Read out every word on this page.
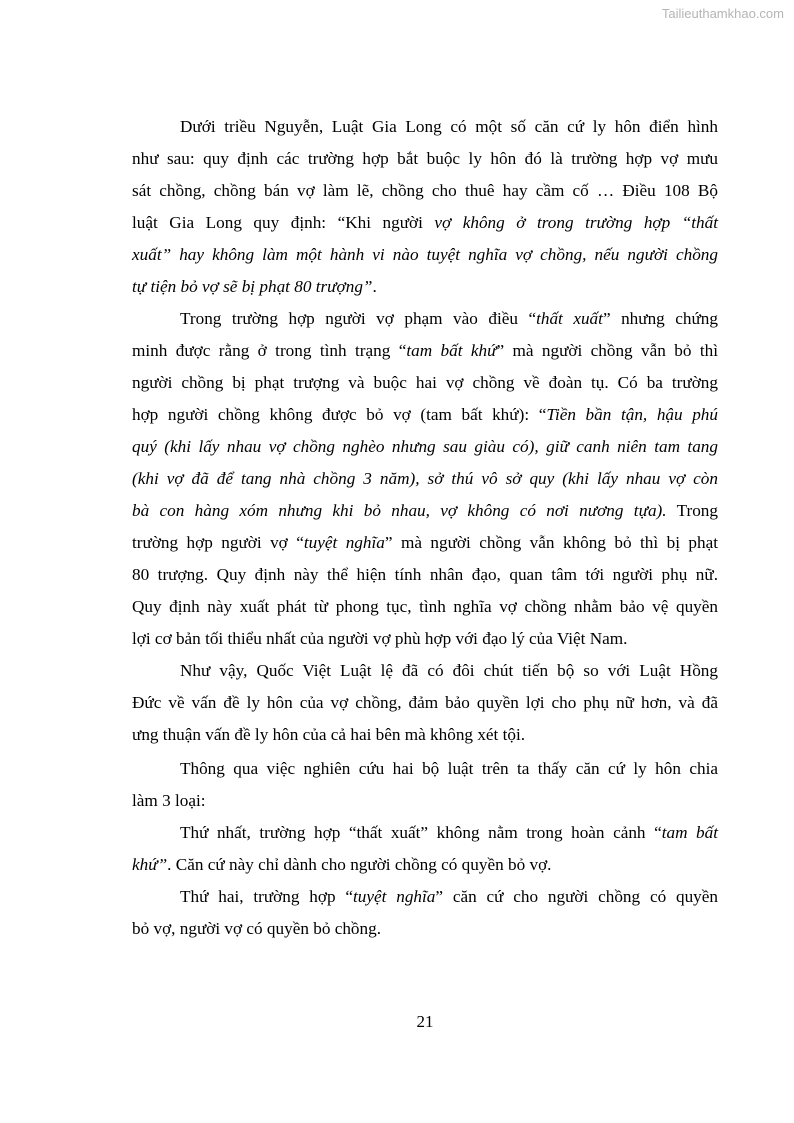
Tailieuthamkhao.com
Dưới triều Nguyễn, Luật Gia Long có một số căn cứ ly hôn điển hình
như sau: quy định các trường hợp bắt buộc ly hôn đó là trường hợp vợ mưu
sát chồng, chồng bán vợ làm lẽ, chồng cho thuê hay cầm cố … Điều 108 Bộ
luật Gia Long quy định: “Khi người vợ không ở trong trường hợp “thất
xuất” hay không làm một hành vi nào tuyệt nghĩa vợ chồng, nếu người chồng
tự tiện bỏ vợ sẽ bị phạt 80 trượng”.
Trong trường hợp người vợ phạm vào điều “thất xuất” nhưng chứng
minh được rằng ở trong tình trạng “tam bất khứ” mà người chồng vẫn bỏ thì
người chồng bị phạt trượng và buộc hai vợ chồng về đoàn tụ. Có ba trường
hợp người chồng không được bỏ vợ (tam bất khứ): “Tiền bần tận, hậu phú
quý (khi lấy nhau vợ chồng nghèo nhưng sau giàu có), giữ canh niên tam tang
(khi vợ đã để tang nhà chồng 3 năm), sở thú vô sở quy (khi lấy nhau vợ còn
bà con hàng xóm nhưng khi bỏ nhau, vợ không có nơi nương tựa). Trong
trường hợp người vợ “tuyệt nghĩa” mà người chồng vẫn không bỏ thì bị phạt
80 trượng. Quy định này thể hiện tính nhân đạo, quan tâm tới người phụ nữ.
Quy định này xuất phát từ phong tục, tình nghĩa vợ chồng nhằm bảo vệ quyền
lợi cơ bản tối thiểu nhất của người vợ phù hợp với đạo lý của Việt Nam.
Như vậy, Quốc Việt Luật lệ đã có đôi chút tiến bộ so với Luật Hồng
Đức về vấn đề ly hôn của vợ chồng, đảm bảo quyền lợi cho phụ nữ hơn, và đã
ưng thuận vấn đề ly hôn của cả hai bên mà không xét tội.
Thông qua việc nghiên cứu hai bộ luật trên ta thấy căn cứ ly hôn chia
làm 3 loại:
Thứ nhất, trường hợp “thất xuất” không nằm trong hoàn cảnh “tam bất
khứ”. Căn cứ này chỉ dành cho người chồng có quyền bỏ vợ.
Thứ hai, trường hợp “tuyệt nghĩa” căn cứ cho người chồng có quyền
bỏ vợ, người vợ có quyền bỏ chồng.
21
